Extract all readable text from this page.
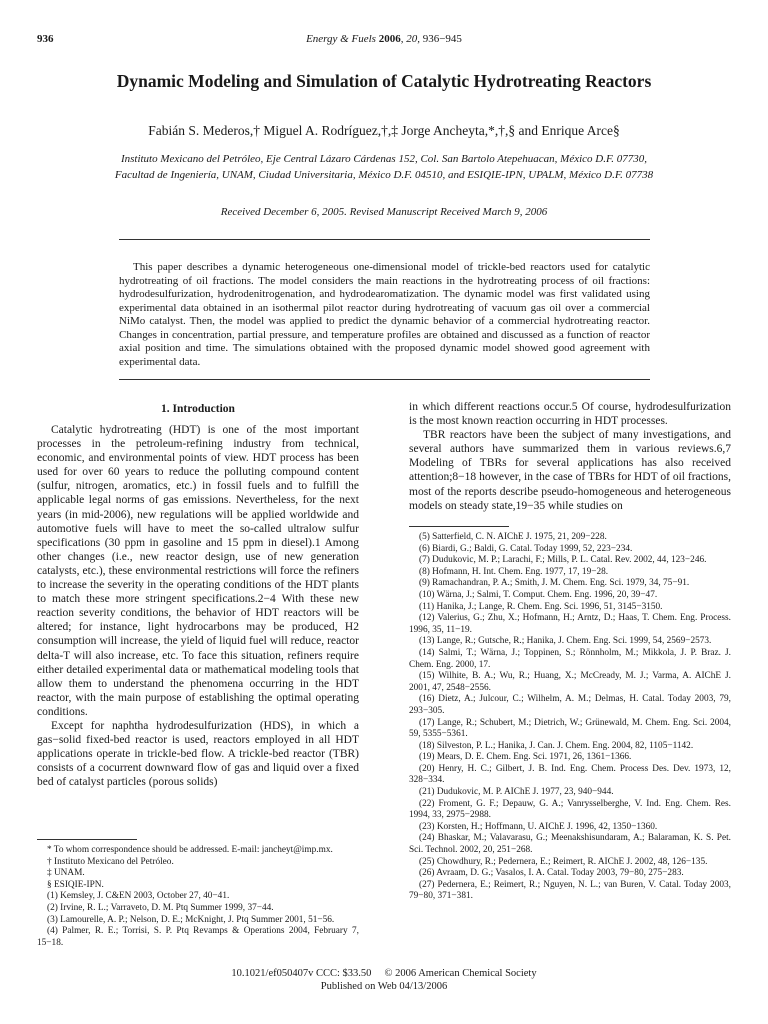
936	Energy & Fuels 2006, 20, 936−945
Dynamic Modeling and Simulation of Catalytic Hydrotreating Reactors
Fabián S. Mederos,† Miguel A. Rodríguez,†,‡ Jorge Ancheyta,*,†,§ and Enrique Arce§
Instituto Mexicano del Petróleo, Eje Central Lázaro Cárdenas 152, Col. San Bartolo Atepehuacan, México D.F. 07730, Facultad de Ingeniería, UNAM, Ciudad Universitaria, México D.F. 04510, and ESIQIE-IPN, UPALM, México D.F. 07738
Received December 6, 2005. Revised Manuscript Received March 9, 2006

This paper describes a dynamic heterogeneous one-dimensional model of trickle-bed reactors used for catalytic hydrotreating of oil fractions. The model considers the main reactions in the hydrotreating process of oil fractions: hydrodesulfurization, hydrodenitrogenation, and hydrodearomatization. The dynamic model was first validated using experimental data obtained in an isothermal pilot reactor during hydrotreating of vacuum gas oil over a commercial NiMo catalyst. Then, the model was applied to predict the dynamic behavior of a commercial hydrotreating reactor. Changes in concentration, partial pressure, and temperature profiles are obtained and discussed as a function of reactor axial position and time. The simulations obtained with the proposed dynamic model showed good agreement with experimental data.

1. Introduction

Catalytic hydrotreating (HDT) is one of the most important processes in the petroleum-refining industry from technical, economic, and environmental points of view. HDT process has been used for over 60 years to reduce the polluting compound content (sulfur, nitrogen, aromatics, etc.) in fossil fuels and to fulfill the applicable legal norms of gas emissions. Nevertheless, for the next years (in mid-2006), new regulations will be applied worldwide and automotive fuels will have to meet the so-called ultralow sulfur specifications (30 ppm in gasoline and 15 ppm in diesel).1 Among other changes (i.e., new reactor design, use of new generation catalysts, etc.), these environmental restrictions will force the refiners to increase the severity in the operating conditions of the HDT plants to match these more stringent specifications.2−4 With these new reaction severity conditions, the behavior of HDT reactors will be altered; for instance, light hydrocarbons may be produced, H2 consumption will increase, the yield of liquid fuel will reduce, reactor delta-T will also increase, etc. To face this situation, refiners require either detailed experimental data or mathematical modeling tools that allow them to understand the phenomena occurring in the HDT reactor, with the main purpose of establishing the optimal operating conditions.

Except for naphtha hydrodesulfurization (HDS), in which a gas−solid fixed-bed reactor is used, reactors employed in all HDT applications operate in trickle-bed flow. A trickle-bed reactor (TBR) consists of a cocurrent downward flow of gas and liquid over a fixed bed of catalyst particles (porous solids)

* To whom correspondence should be addressed. E-mail: jancheyt@imp.mx.

† Instituto Mexicano del Petróleo.

‡ UNAM.

§ ESIQIE-IPN.

(1) Kemsley, J. C&EN 2003, October 27, 40−41.

(2) Irvine, R. L.; Varraveto, D. M. Ptq Summer 1999, 37−44.

(3) Lamourelle, A. P.; Nelson, D. E.; McKnight, J. Ptq Summer 2001, 51−56.

(4) Palmer, R. E.; Torrisi, S. P. Ptq Revamps & Operations 2004, February 7, 15−18.

in which different reactions occur.5 Of course, hydrodesulfurization is the most known reaction occurring in HDT processes.

TBR reactors have been the subject of many investigations, and several authors have summarized them in various reviews.6,7 Modeling of TBRs for several applications has also received attention;8−18 however, in the case of TBRs for HDT of oil fractions, most of the reports describe pseudo-homogeneous and heterogeneous models on steady state,19−35 while studies on

(5) Satterfield, C. N. AIChE J. 1975, 21, 209−228.

(6) Biardi, G.; Baldi, G. Catal. Today 1999, 52, 223−234.

(7) Dudukovic, M. P.; Larachi, F.; Mills, P. L. Catal. Rev. 2002, 44, 123−246.

(8) Hofmann, H. Int. Chem. Eng. 1977, 17, 19−28.

(9) Ramachandran, P. A.; Smith, J. M. Chem. Eng. Sci. 1979, 34, 75−91.

(10) Wärna, J.; Salmi, T. Comput. Chem. Eng. 1996, 20, 39−47.

(11) Hanika, J.; Lange, R. Chem. Eng. Sci. 1996, 51, 3145−3150.

(12) Valerius, G.; Zhu, X.; Hofmann, H.; Arntz, D.; Haas, T. Chem. Eng. Process. 1996, 35, 11−19.

(13) Lange, R.; Gutsche, R.; Hanika, J. Chem. Eng. Sci. 1999, 54, 2569−2573.

(14) Salmi, T.; Wärna, J.; Toppinen, S.; Rönnholm, M.; Mikkola, J. P. Braz. J. Chem. Eng. 2000, 17.

(15) Wilhite, B. A.; Wu, R.; Huang, X.; McCready, M. J.; Varma, A. AIChE J. 2001, 47, 2548−2556.

(16) Dietz, A.; Julcour, C.; Wilhelm, A. M.; Delmas, H. Catal. Today 2003, 79, 293−305.

(17) Lange, R.; Schubert, M.; Dietrich, W.; Grünewald, M. Chem. Eng. Sci. 2004, 59, 5355−5361.

(18) Silveston, P. L.; Hanika, J. Can. J. Chem. Eng. 2004, 82, 1105−1142.

(19) Mears, D. E. Chem. Eng. Sci. 1971, 26, 1361−1366.

(20) Henry, H. C.; Gilbert, J. B. Ind. Eng. Chem. Process Des. Dev. 1973, 12, 328−334.

(21) Dudukovic, M. P. AIChE J. 1977, 23, 940−944.

(22) Froment, G. F.; Depauw, G. A.; Vanrysselberghe, V. Ind. Eng. Chem. Res. 1994, 33, 2975−2988.

(23) Korsten, H.; Hoffmann, U. AIChE J. 1996, 42, 1350−1360.

(24) Bhaskar, M.; Valavarasu, G.; Meenakshisundaram, A.; Balaraman, K. S. Pet. Sci. Technol. 2002, 20, 251−268.

(25) Chowdhury, R.; Pedernera, E.; Reimert, R. AIChE J. 2002, 48, 126−135.

(26) Avraam, D. G.; Vasalos, I. A. Catal. Today 2003, 79−80, 275−283.

(27) Pedernera, E.; Reimert, R.; Nguyen, N. L.; van Buren, V. Catal. Today 2003, 79−80, 371−381.

10.1021/ef050407v CCC: $33.50     © 2006 American Chemical Society
Published on Web 04/13/2006
